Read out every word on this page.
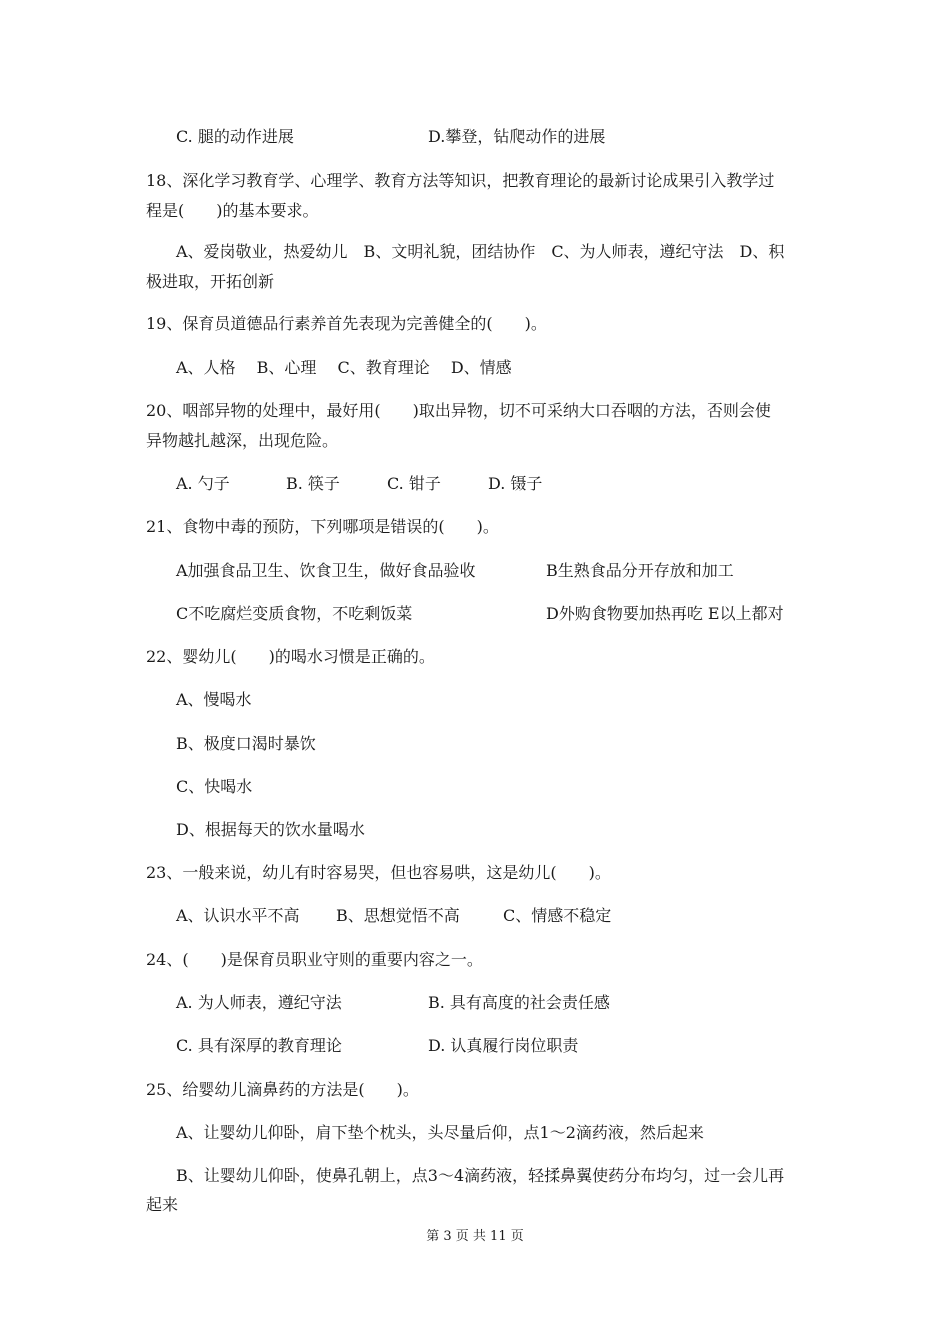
C. 腿的动作进展	D.攀登，钻爬动作的进展
18、深化学习教育学、心理学、教育方法等知识，把教育理论的最新讨论成果引入教学过
程是(　　)的基本要求。
A、爱岗敬业，热爱幼儿　B、文明礼貌，团结协作　C、为人师表，遵纪守法　D、积
极进取，开拓创新
19、保育员道德品行素养首先表现为完善健全的(　　)。
A、人格　 B、心理　 C、教育理论　 D、情感
20、咽部异物的处理中，最好用(　　)取出异物，切不可采纳大口吞咽的方法，否则会使
异物越扎越深，出现危险。
A. 勺子	B. 筷子	C. 钳子	D. 镊子
21、食物中毒的预防，下列哪项是错误的(　　)。
A加强食品卫生、饮食卫生，做好食品验收	B生熟食品分开存放和加工
C不吃腐烂变质食物，不吃剩饭菜	D外购食物要加热再吃 E以上都对
22、婴幼儿(　　)的喝水习惯是正确的。
A、慢喝水
B、极度口渴时暴饮
C、快喝水
D、根据每天的饮水量喝水
23、一般来说，幼儿有时容易哭，但也容易哄，这是幼儿(　　)。
A、认识水平不高 B、思想觉悟不高	C、情感不稳定
24、(　　)是保育员职业守则的重要内容之一。
A. 为人师表，遵纪守法	B. 具有高度的社会责任感
C. 具有深厚的教育理论	D. 认真履行岗位职责
25、给婴幼儿滴鼻药的方法是(　　)。
A、让婴幼儿仰卧，肩下垫个枕头，头尽量后仰，点1～2滴药液，然后起来
B、让婴幼儿仰卧，使鼻孔朝上，点3～4滴药液，轻揉鼻翼使药分布均匀，过一会儿再
起来
第 3 页 共 11 页
